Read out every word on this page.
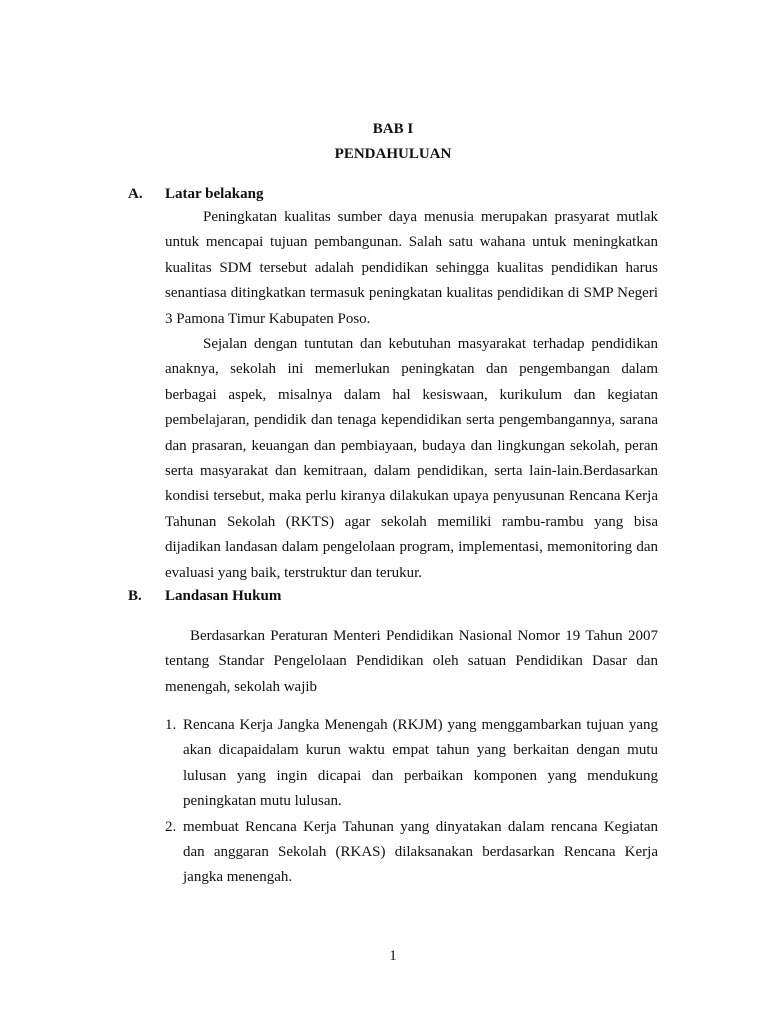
BAB I
PENDAHULUAN
A. Latar belakang

Peningkatan kualitas sumber daya menusia merupakan prasyarat mutlak untuk mencapai tujuan pembangunan. Salah satu wahana untuk meningkatkan kualitas SDM tersebut adalah pendidikan sehingga kualitas pendidikan harus senantiasa ditingkatkan termasuk peningkatan kualitas pendidikan di SMP Negeri 3 Pamona Timur Kabupaten Poso.

Sejalan dengan tuntutan dan kebutuhan masyarakat terhadap pendidikan anaknya, sekolah ini memerlukan peningkatan dan pengembangan dalam berbagai aspek, misalnya dalam hal kesiswaan, kurikulum dan kegiatan pembelajaran, pendidik dan tenaga kependidikan serta pengembangannya, sarana dan prasaran, keuangan dan pembiayaan, budaya dan lingkungan sekolah, peran serta masyarakat dan kemitraan, dalam pendidikan, serta lain-lain.Berdasarkan kondisi tersebut, maka perlu kiranya dilakukan upaya penyusunan Rencana Kerja Tahunan Sekolah (RKTS) agar sekolah memiliki rambu-rambu yang bisa dijadikan landasan dalam pengelolaan program, implementasi, memonitoring dan evaluasi yang baik, terstruktur dan terukur.

B. Landasan Hukum

Berdasarkan Peraturan Menteri Pendidikan Nasional Nomor 19 Tahun 2007 tentang Standar Pengelolaan Pendidikan oleh satuan Pendidikan Dasar dan menengah, sekolah wajib

1. Rencana Kerja Jangka Menengah (RKJM) yang menggambarkan tujuan yang akan dicapaidalam kurun waktu empat tahun yang berkaitan dengan mutu lulusan yang ingin dicapai dan perbaikan komponen yang mendukung peningkatan mutu lulusan.
2. membuat Rencana Kerja Tahunan yang dinyatakan dalam rencana Kegiatan dan anggaran Sekolah (RKAS) dilaksanakan berdasarkan Rencana Kerja jangka menengah.
1
